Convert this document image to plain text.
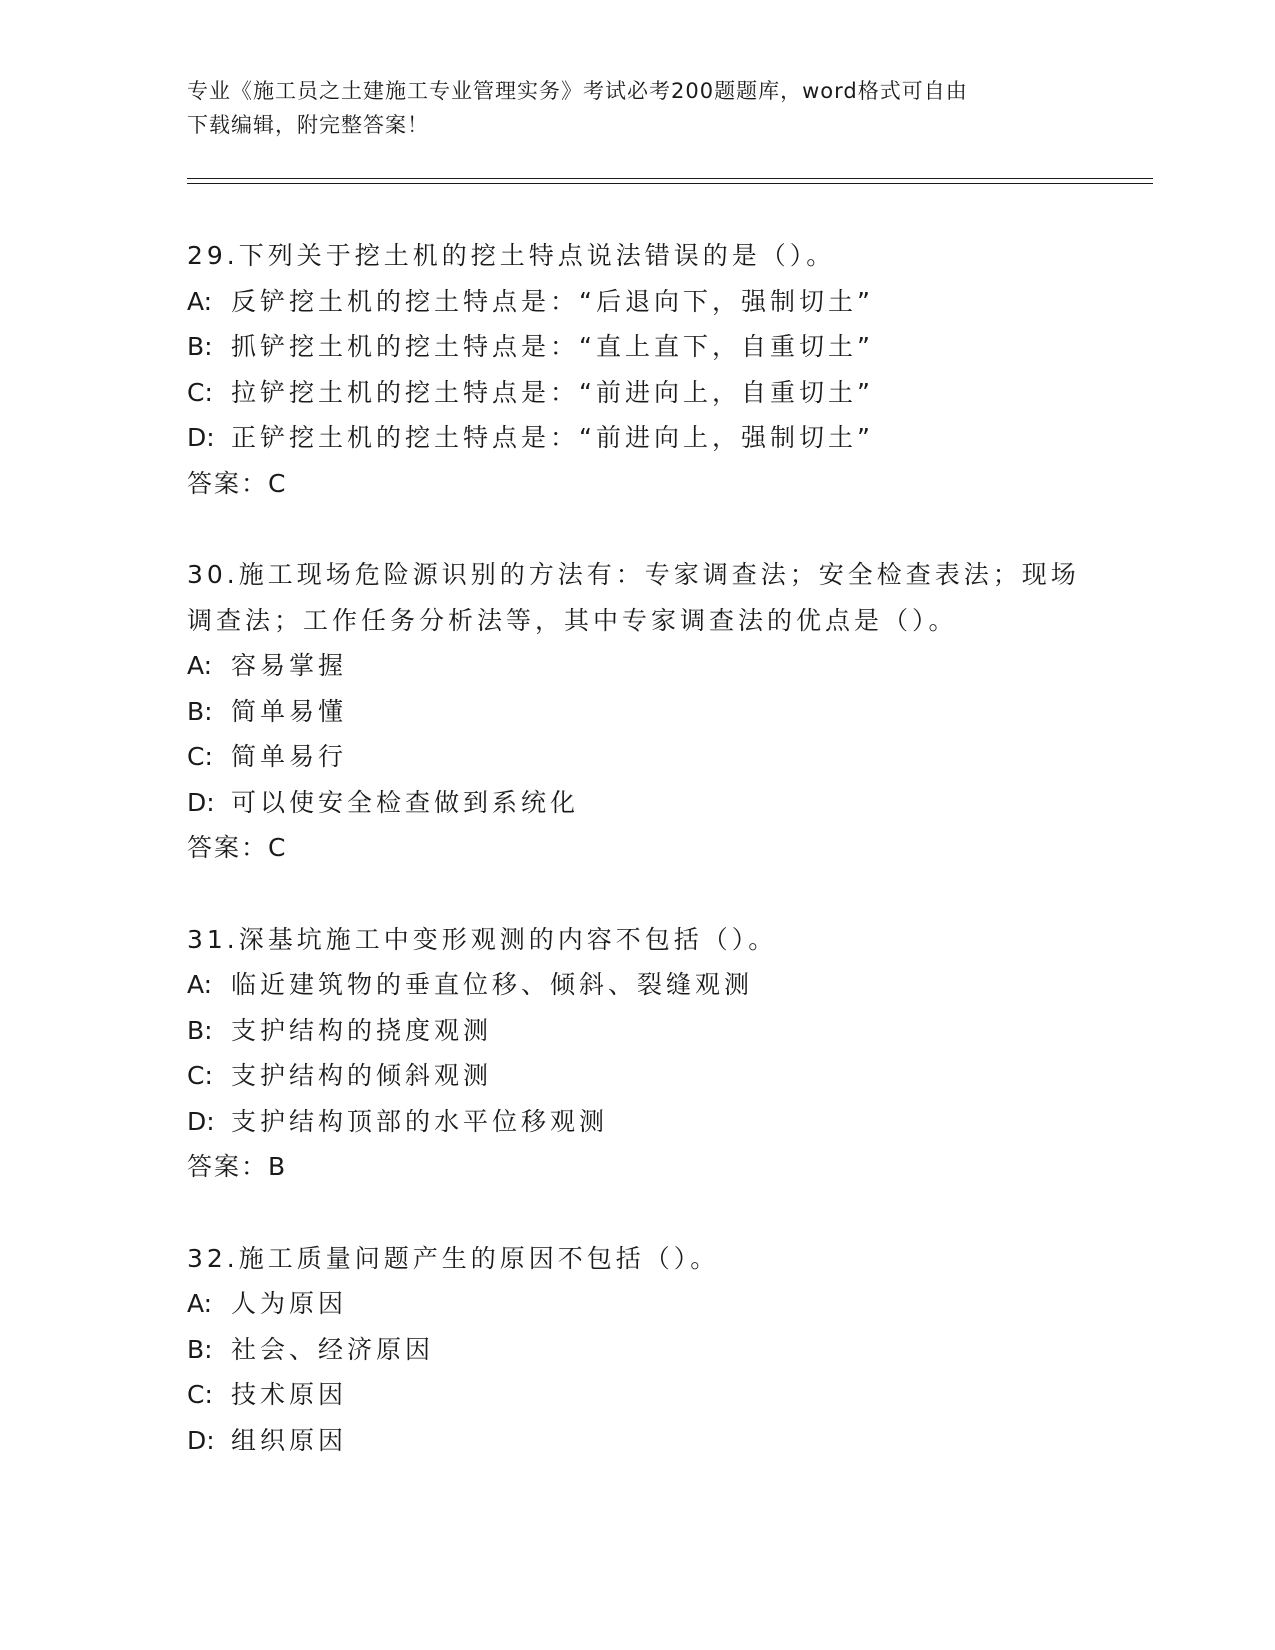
专业《施工员之土建施工专业管理实务》考试必考200题题库，word格式可自由
下载编辑，附完整答案！
29.下列关于挖土机的挖土特点说法错误的是（）。
A: 反铲挖土机的挖土特点是：“后退向下，强制切土”
B: 抓铲挖土机的挖土特点是：“直上直下，自重切土”
C: 拉铲挖土机的挖土特点是：“前进向上，自重切土”
D: 正铲挖土机的挖土特点是：“前进向上，强制切土”
答案：C
30.施工现场危险源识别的方法有：专家调查法；安全检查表法；现场
调查法；工作任务分析法等，其中专家调查法的优点是（）。
A: 容易掌握
B: 简单易懂
C: 简单易行
D: 可以使安全检查做到系统化
答案：C
31.深基坑施工中变形观测的内容不包括（）。
A: 临近建筑物的垂直位移、倾斜、裂缝观测
B: 支护结构的挠度观测
C: 支护结构的倾斜观测
D: 支护结构顶部的水平位移观测
答案：B
32.施工质量问题产生的原因不包括（）。
A: 人为原因
B: 社会、经济原因
C: 技术原因
D: 组织原因
